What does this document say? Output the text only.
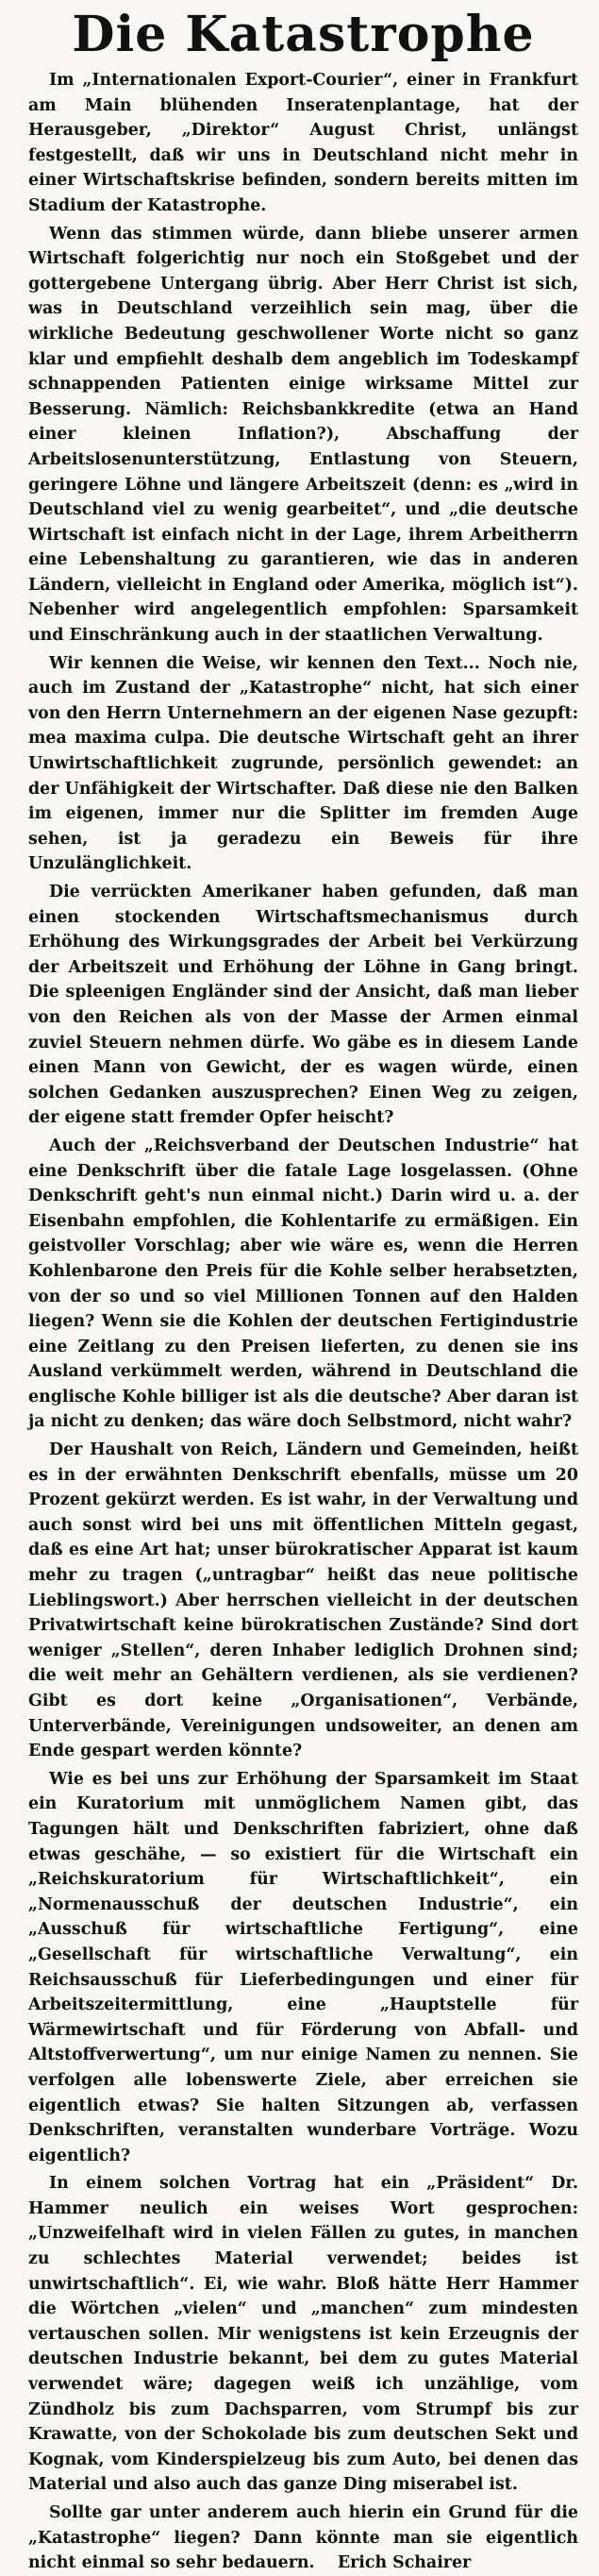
Die Katastrophe

Im „Internationalen Export-Courier“, einer in Frankfurt am Main blühenden Inseratenplantage, hat der Herausgeber, „Direktor“ August Christ, unlängst festgestellt, daß wir uns in Deutschland nicht mehr in einer Wirtschaftskrise befinden, sondern bereits mitten im Stadium der Katastrophe.

Wenn das stimmen würde, dann bliebe unserer armen Wirtschaft folgerichtig nur noch ein Stoßgebet und der gottergebene Untergang übrig. Aber Herr Christ ist sich, was in Deutschland verzeihlich sein mag, über die wirkliche Bedeutung geschwollener Worte nicht so ganz klar und empfiehlt deshalb dem angeblich im Todeskampf schnappenden Patienten einige wirksame Mittel zur Besserung. Nämlich: Reichsbankkredite (etwa an Hand einer kleinen Inflation?), Abschaffung der Arbeitslosenunterstützung, Entlastung von Steuern, geringere Löhne und längere Arbeitszeit (denn: es „wird in Deutschland viel zu wenig gearbeitet“, und „die deutsche Wirtschaft ist einfach nicht in der Lage, ihrem Arbeitherrn eine Lebenshaltung zu garantieren, wie das in anderen Ländern, vielleicht in England oder Amerika, möglich ist“). Nebenher wird angelegentlich empfohlen: Sparsamkeit und Einschränkung auch in der staatlichen Verwaltung.

Wir kennen die Weise, wir kennen den Text... Noch nie, auch im Zustand der „Katastrophe“ nicht, hat sich einer von den Herrn Unternehmern an der eigenen Nase gezupft: mea maxima culpa. Die deutsche Wirtschaft geht an ihrer Unwirtschaftlichkeit zugrunde, persönlich gewendet: an der Unfähigkeit der Wirtschafter. Daß diese nie den Balken im eigenen, immer nur die Splitter im fremden Auge sehen, ist ja geradezu ein Beweis für ihre Unzulänglichkeit.

Die verrückten Amerikaner haben gefunden, daß man einen stockenden Wirtschaftsmechanismus durch Erhöhung des Wirkungsgrades der Arbeit bei Verkürzung der Arbeitszeit und Erhöhung der Löhne in Gang bringt. Die spleenigen Engländer sind der Ansicht, daß man lieber von den Reichen als von der Masse der Armen einmal zuviel Steuern nehmen dürfe. Wo gäbe es in diesem Lande einen Mann von Gewicht, der es wagen würde, einen solchen Gedanken auszusprechen? Einen Weg zu zeigen, der eigene statt fremder Opfer heischt?

Auch der „Reichsverband der Deutschen Industrie“ hat eine Denkschrift über die fatale Lage losgelassen. (Ohne Denkschrift geht's nun einmal nicht.) Darin wird u. a. der Eisenbahn empfohlen, die Kohlentarife zu ermäßigen. Ein geistvoller Vorschlag; aber wie wäre es, wenn die Herren Kohlenbarone den Preis für die Kohle selber herabsetzten, von der so und so viel Millionen Tonnen auf den Halden liegen? Wenn sie die Kohlen der deutschen Fertigindustrie eine Zeitlang zu den Preisen lieferten, zu denen sie ins Ausland verkümmelt werden, während in Deutschland die englische Kohle billiger ist als die deutsche? Aber daran ist ja nicht zu denken; das wäre doch Selbstmord, nicht wahr?

Der Haushalt von Reich, Ländern und Gemeinden, heißt es in der erwähnten Denkschrift ebenfalls, müsse um 20 Prozent gekürzt werden. Es ist wahr, in der Verwaltung und auch sonst wird bei uns mit öffentlichen Mitteln gegast, daß es eine Art hat; unser bürokratischer Apparat ist kaum mehr zu tragen („untragbar“ heißt das neue politische Lieblingswort.) Aber herrschen vielleicht in der deutschen Privatwirtschaft keine bürokratischen Zustände? Sind dort weniger „Stellen“, deren Inhaber lediglich Drohnen sind; die weit mehr an Gehältern verdienen, als sie verdienen? Gibt es dort keine „Organisationen“, Verbände, Unterverbände, Vereinigungen undsoweiter, an denen am Ende gespart werden könnte?

Wie es bei uns zur Erhöhung der Sparsamkeit im Staat ein Kuratorium mit unmöglichem Namen gibt, das Tagungen hält und Denkschriften fabriziert, ohne daß etwas geschähe, — so existiert für die Wirtschaft ein „Reichskuratorium für Wirtschaftlichkeit“, ein „Normenausschuß der deutschen Industrie“, ein „Ausschuß für wirtschaftliche Fertigung“, eine „Gesellschaft für wirtschaftliche Verwaltung“, ein Reichsausschuß für Lieferbedingungen und einer für Arbeitszeitermittlung, eine „Hauptstelle für Wärmewirtschaft und für Förderung von Abfall- und Altstoffverwertung“, um nur einige Namen zu nennen. Sie verfolgen alle lobenswerte Ziele, aber erreichen sie eigentlich etwas? Sie halten Sitzungen ab, verfassen Denkschriften, veranstalten wunderbare Vorträge. Wozu eigentlich?

In einem solchen Vortrag hat ein „Präsident“ Dr. Hammer neulich ein weises Wort gesprochen: „Unzweifelhaft wird in vielen Fällen zu gutes, in manchen zu schlechtes Material verwendet; beides ist unwirtschaftlich“. Ei, wie wahr. Bloß hätte Herr Hammer die Wörtchen „vielen“ und „manchen“ zum mindesten vertauschen sollen. Mir wenigstens ist kein Erzeugnis der deutschen Industrie bekannt, bei dem zu gutes Material verwendet wäre; dagegen weiß ich unzählige, vom Zündholz bis zum Dachsparren, vom Strumpf bis zur Krawatte, von der Schokolade bis zum deutschen Sekt und Kognak, vom Kinderspielzeug bis zum Auto, bei denen das Material und also auch das ganze Ding miserabel ist.

Sollte gar unter anderem auch hierin ein Grund für die „Katastrophe“ liegen? Dann könnte man sie eigentlich nicht einmal so sehr bedauern. Erich Schairer
